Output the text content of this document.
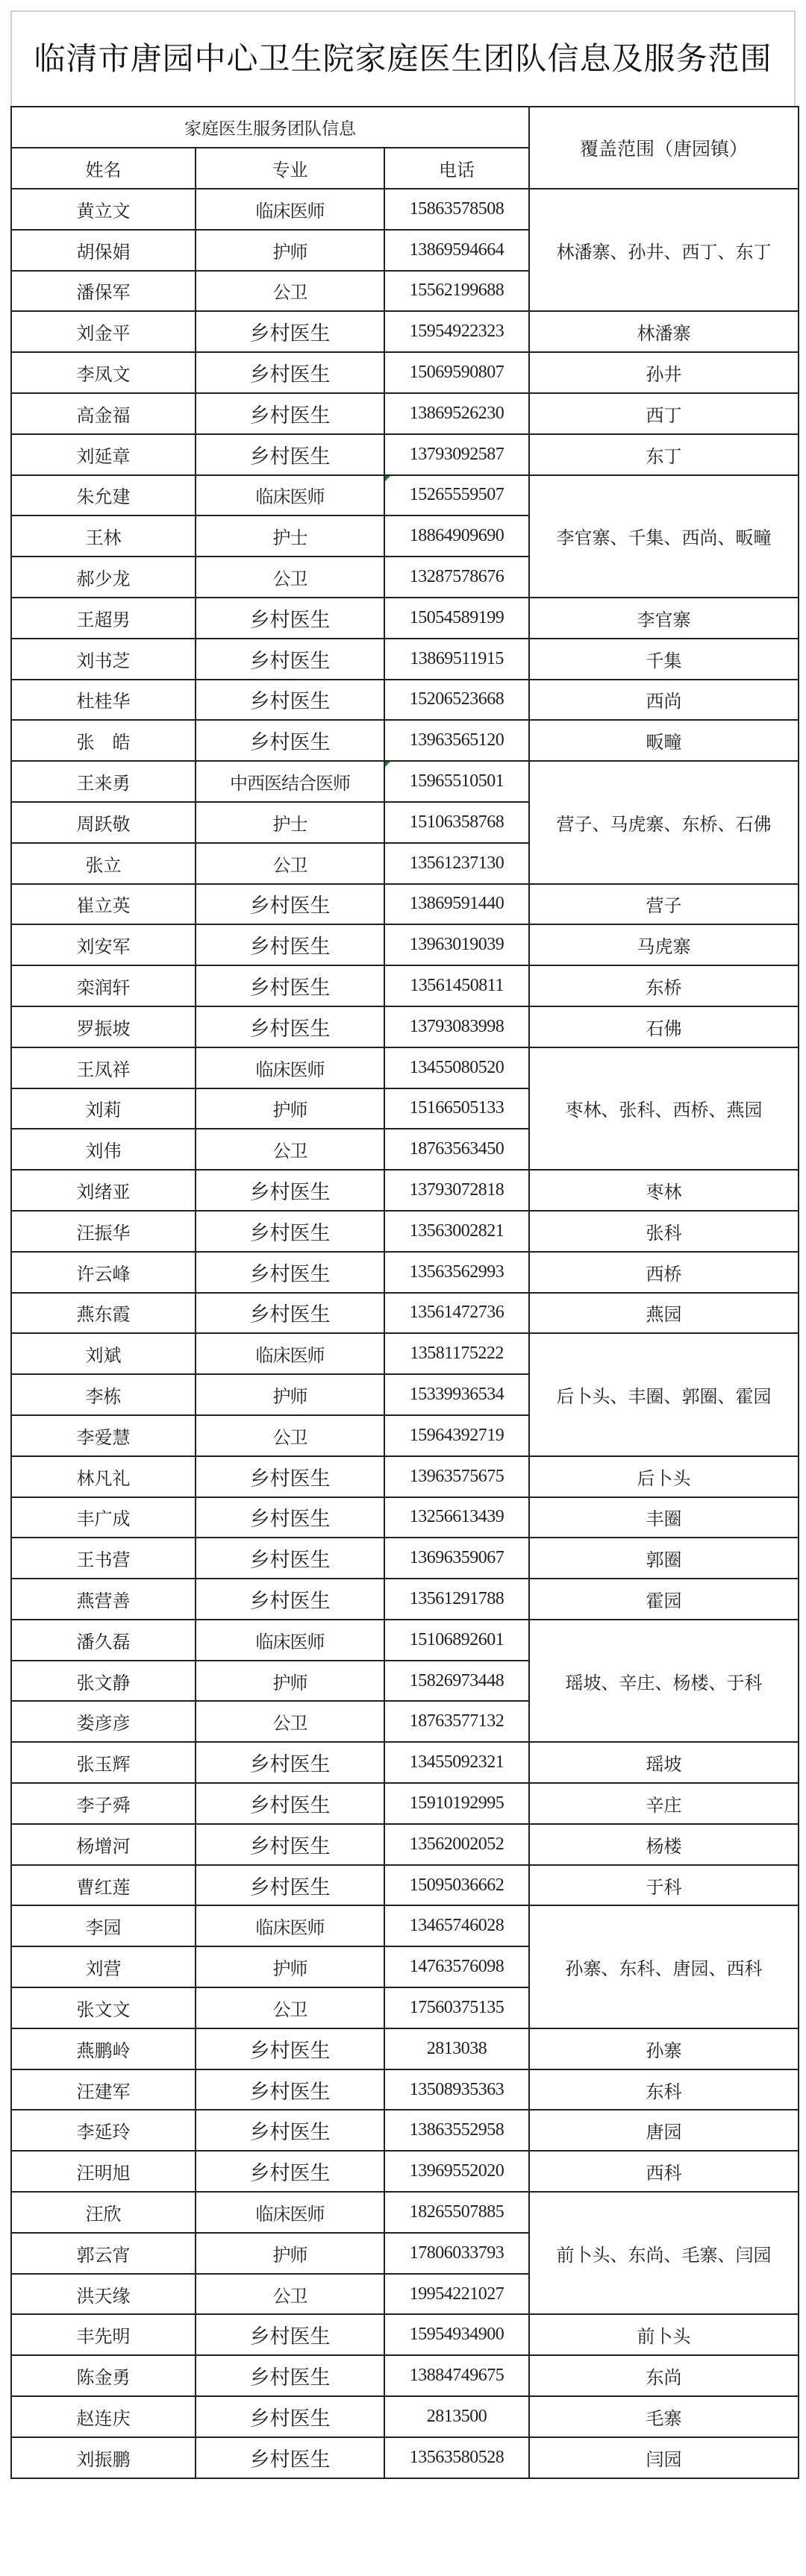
临清市唐园中心卫生院家庭医生团队信息及服务范围
家庭医生服务团队信息			覆盖范围（唐园镇）
姓名	专业	电话	
黄立文	临床医师	15863578508	林潘寨、孙井、西丁、东丁
胡保娟	护师	13869594664	
潘保军	公卫	15562199688	
刘金平	乡村医生	15954922323	林潘寨
李凤文	乡村医生	15069590807	孙井
高金福	乡村医生	13869526230	西丁
刘延章	乡村医生	13793092587	东丁
朱允建	临床医师	15265559507	李官寨、千集、西尚、畈疃
王林	护士	18864909690	
郝少龙	公卫	13287578676	
王超男	乡村医生	15054589199	李官寨
刘书芝	乡村医生	13869511915	千集
杜桂华	乡村医生	15206523668	西尚
张　皓	乡村医生	13963565120	畈疃
王来勇	中西医结合医师	15965510501	营子、马虎寨、东桥、石佛
周跃敬	护士	15106358768	
张立	公卫	13561237130	
崔立英	乡村医生	13869591440	营子
刘安军	乡村医生	13963019039	马虎寨
栾润轩	乡村医生	13561450811	东桥
罗振坡	乡村医生	13793083998	石佛
王凤祥	临床医师	13455080520	枣林、张科、西桥、燕园
刘莉	护师	15166505133	
刘伟	公卫	18763563450	
刘绪亚	乡村医生	13793072818	枣林
汪振华	乡村医生	13563002821	张科
许云峰	乡村医生	13563562993	西桥
燕东霞	乡村医生	13561472736	燕园
刘斌	临床医师	13581175222	后卜头、丰圈、郭圈、霍园
李栋	护师	15339936534	
李爱慧	公卫	15964392719	
林凡礼	乡村医生	13963575675	后卜头
丰广成	乡村医生	13256613439	丰圈
王书营	乡村医生	13696359067	郭圈
燕营善	乡村医生	13561291788	霍园
潘久磊	临床医师	15106892601	瑶坡、辛庄、杨楼、于科
张文静	护师	15826973448	
娄彦彦	公卫	18763577132	
张玉辉	乡村医生	13455092321	瑶坡
李子舜	乡村医生	15910192995	辛庄
杨增河	乡村医生	13562002052	杨楼
曹红莲	乡村医生	15095036662	于科
李园	临床医师	13465746028	孙寨、东科、唐园、西科
刘营	护师	14763576098	
张文文	公卫	17560375135	
燕鹏岭	乡村医生	2813038	孙寨
汪建军	乡村医生	13508935363	东科
李延玲	乡村医生	13863552958	唐园
汪明旭	乡村医生	13969552020	西科
汪欣	临床医师	18265507885	前卜头、东尚、毛寨、闫园
郭云宵	护师	17806033793	
洪天缘	公卫	19954221027	
丰先明	乡村医生	15954934900	前卜头
陈金勇	乡村医生	13884749675	东尚
赵连庆	乡村医生	2813500	毛寨
刘振鹏	乡村医生	13563580528	闫园
